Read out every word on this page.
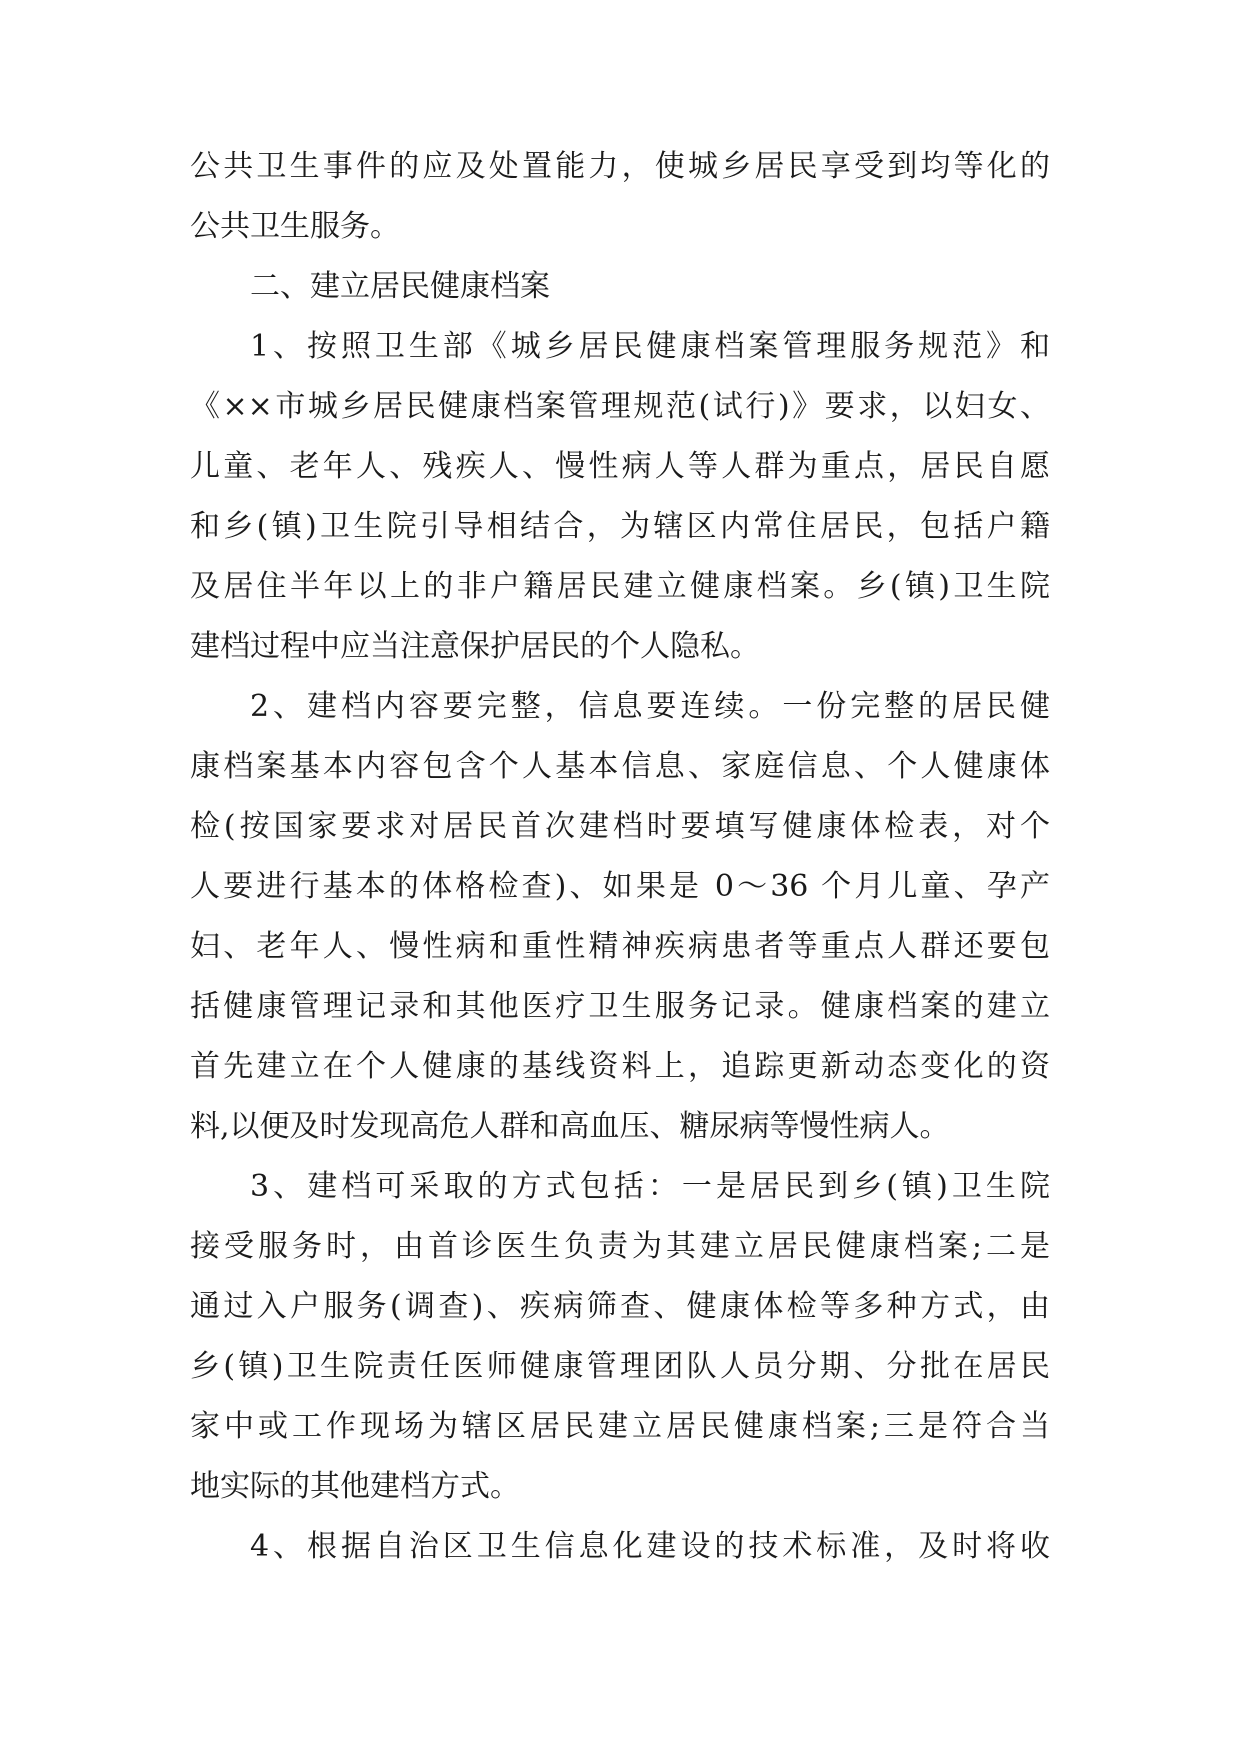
公共卫生事件的应及处置能力，使城乡居民享受到均等化的
公共卫生服务。
二、建立居民健康档案
1、按照卫生部《城乡居民健康档案管理服务规范》和
《××市城乡居民健康档案管理规范(试行)》要求，以妇女、
儿童、老年人、残疾人、慢性病人等人群为重点，居民自愿
和乡(镇)卫生院引导相结合，为辖区内常住居民，包括户籍
及居住半年以上的非户籍居民建立健康档案。乡(镇)卫生院
建档过程中应当注意保护居民的个人隐私。
2、建档内容要完整，信息要连续。一份完整的居民健
康档案基本内容包含个人基本信息、家庭信息、个人健康体
检(按国家要求对居民首次建档时要填写健康体检表，对个
人要进行基本的体格检查)、如果是 0～36 个月儿童、孕产
妇、老年人、慢性病和重性精神疾病患者等重点人群还要包
括健康管理记录和其他医疗卫生服务记录。健康档案的建立
首先建立在个人健康的基线资料上，追踪更新动态变化的资
料,以便及时发现高危人群和高血压、糖尿病等慢性病人。
3、建档可采取的方式包括：一是居民到乡(镇)卫生院
接受服务时，由首诊医生负责为其建立居民健康档案;二是
通过入户服务(调查)、疾病筛查、健康体检等多种方式，由
乡(镇)卫生院责任医师健康管理团队人员分期、分批在居民
家中或工作现场为辖区居民建立居民健康档案;三是符合当
地实际的其他建档方式。
4、根据自治区卫生信息化建设的技术标准，及时将收
